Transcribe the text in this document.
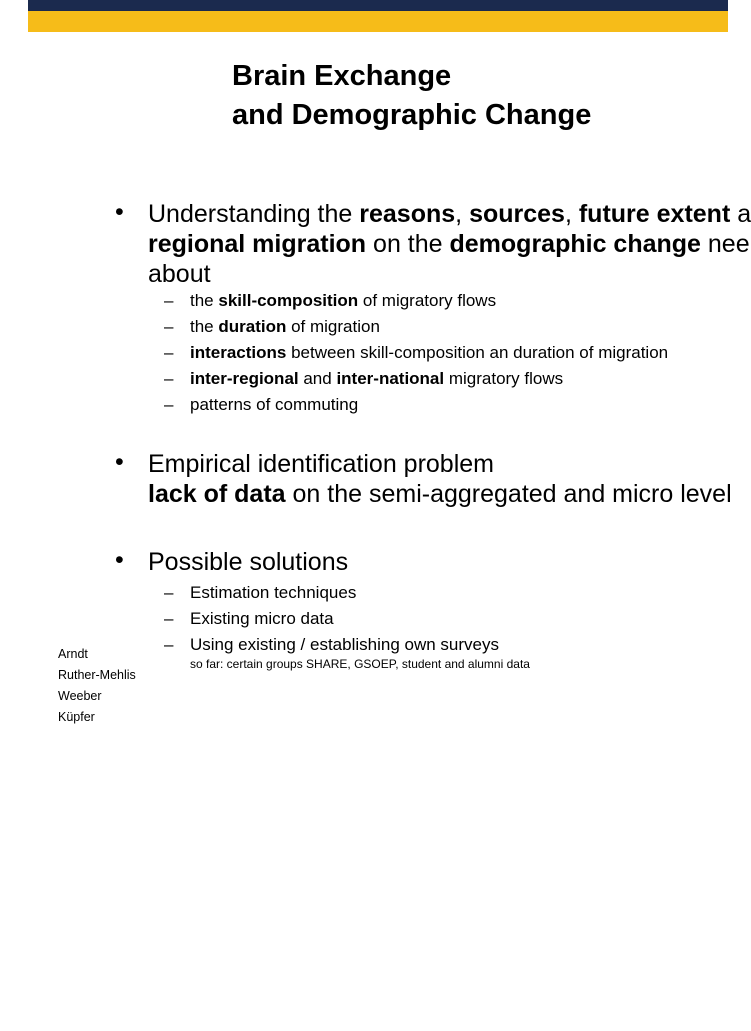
Brain Exchange
and Demographic Change
• Understanding the reasons, sources, future extent a
regional migration on the demographic change nee
about
– the skill-composition of migratory flows
– the duration of migration
– interactions between skill-composition an duration of migration
– inter-regional and inter-national migratory flows
– patterns of commuting
• Empirical identification problem
lack of data on the semi-aggregated and micro level
• Possible solutions
– Estimation techniques
– Existing micro data
– Using existing / establishing own surveys
so far: certain groups SHARE, GSOEP, student and alumni data
Arndt
Ruther-Mehlis
Weeber
Küpfer
